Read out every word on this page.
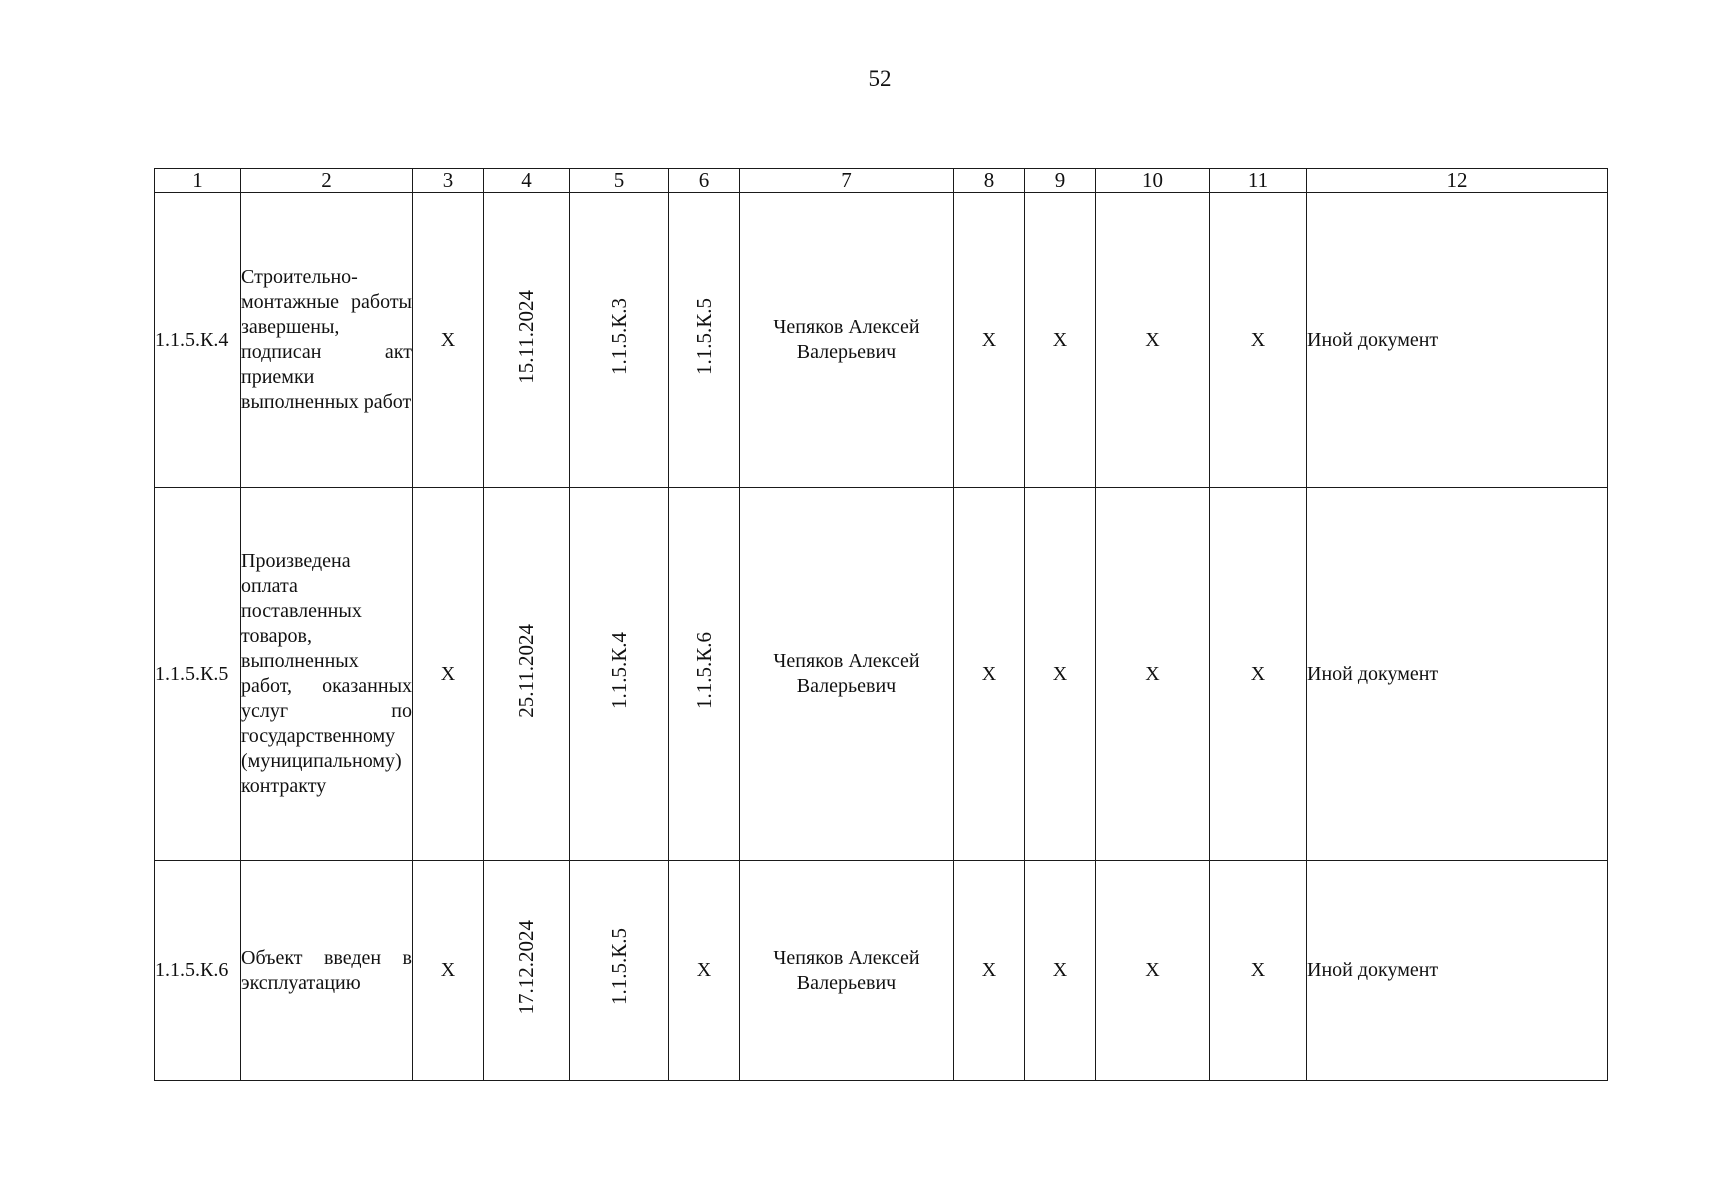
52
1	2	3	4	5	6	7	8	9	10	11	12
1.1.5.К.4	Строительно-монтажные работы завершены, подписан акт приемки выполненных работ	X	15.11.2024	1.1.5.К.3	1.1.5.К.5	Чепяков Алексей Валерьевич	X	X	X	X	Иной документ
1.1.5.К.5	Произведена оплата поставленных товаров, выполненных работ, оказанных услуг по государственному (муниципальному) контракту	X	25.11.2024	1.1.5.К.4	1.1.5.К.6	Чепяков Алексей Валерьевич	X	X	X	X	Иной документ
1.1.5.К.6	Объект введен в эксплуатацию	X	17.12.2024	1.1.5.К.5	X	Чепяков Алексей Валерьевич	X	X	X	X	Иной документ
